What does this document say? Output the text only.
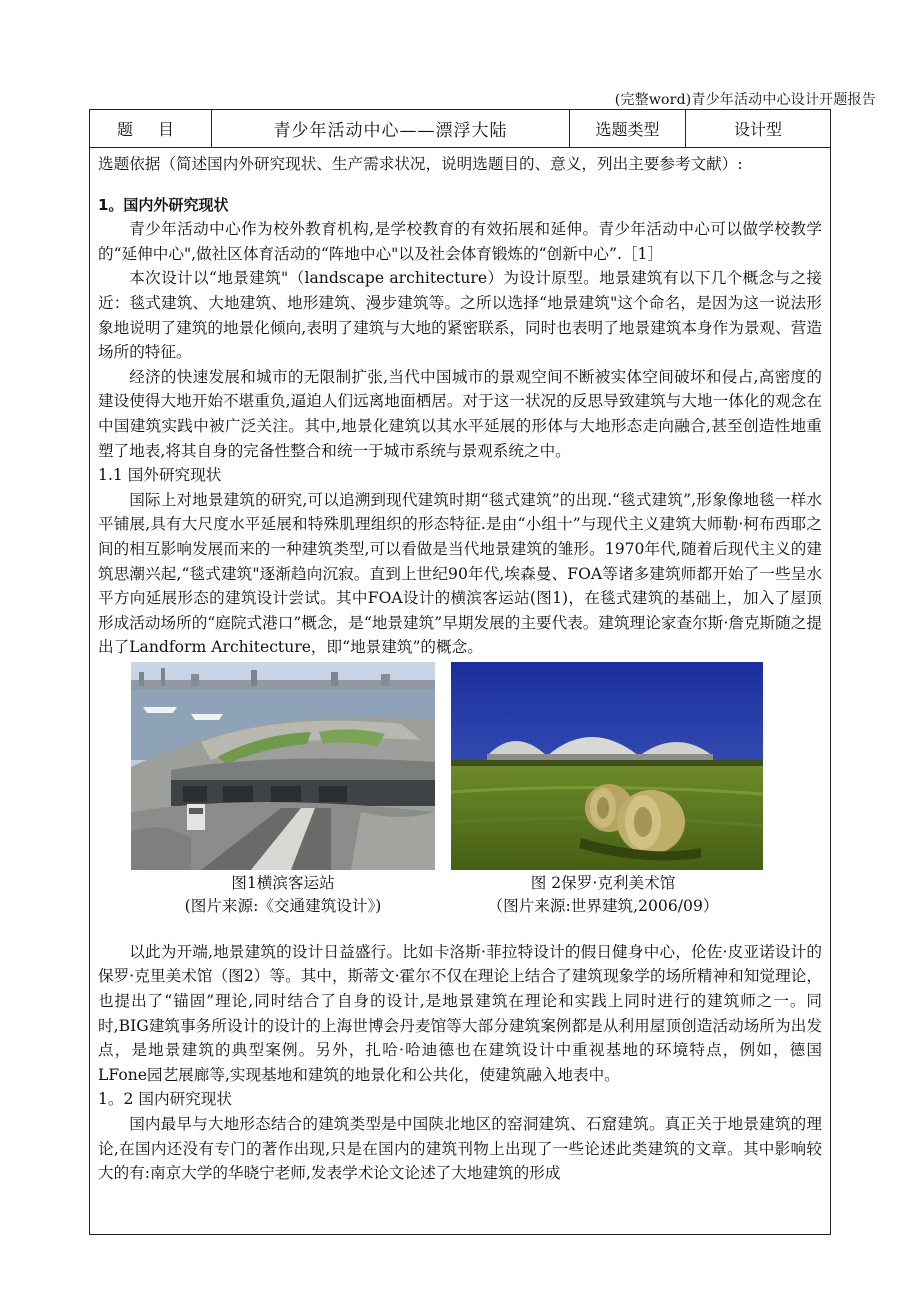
(完整word)青少年活动中心设计开题报告
题 目	青少年活动中心——漂浮大陆	选题类型	设计型

选题依据（简述国内外研究现状、生产需求状况，说明选题目的、意义，列出主要参考文献）:

1。国内外研究现状

青少年活动中心作为校外教育机构,是学校教育的有效拓展和延伸。青少年活动中心可以做学校教学的“延伸中心",做社区体育活动的“阵地中心"以及社会体育锻炼的“创新中心”.［1］

本次设计以“地景建筑"（landscape architecture）为设计原型。地景建筑有以下几个概念与之接近：毯式建筑、大地建筑、地形建筑、漫步建筑等。之所以选择“地景建筑"这个命名，是因为这一说法形象地说明了建筑的地景化倾向,表明了建筑与大地的紧密联系，同时也表明了地景建筑本身作为景观、营造场所的特征。

经济的快速发展和城市的无限制扩张,当代中国城市的景观空间不断被实体空间破坏和侵占,高密度的建设使得大地开始不堪重负,逼迫人们远离地面栖居。对于这一状况的反思导致建筑与大地一体化的观念在中国建筑实践中被广泛关注。其中,地景化建筑以其水平延展的形体与大地形态走向融合,甚至创造性地重塑了地表,将其自身的完备性整合和统一于城市系统与景观系统之中。

1.1 国外研究现状

国际上对地景建筑的研究,可以追溯到现代建筑时期“毯式建筑”的出现.“毯式建筑”,形象像地毯一样水平铺展,具有大尺度水平延展和特殊肌理组织的形态特征.是由“小组十”与现代主义建筑大师勒·柯布西耶之间的相互影响发展而来的一种建筑类型,可以看做是当代地景建筑的雏形。1970年代,随着后现代主义的建筑思潮兴起,“毯式建筑"逐渐趋向沉寂。直到上世纪90年代,埃森曼、FOA等诸多建筑师都开始了一些呈水平方向延展形态的建筑设计尝试。其中FOA设计的横滨客运站(图1)，在毯式建筑的基础上，加入了屋顶形成活动场所的“庭院式港口”概念，是“地景建筑”早期发展的主要代表。建筑理论家查尔斯·詹克斯随之提出了Landform Architecture，即“地景建筑”的概念。

图1横滨客运站
(图片来源:《交通建筑设计》)
图 2保罗·克利美术馆
（图片来源:世界建筑,2006/09）

以此为开端,地景建筑的设计日益盛行。比如卡洛斯·菲拉特设计的假日健身中心，伦佐·皮亚诺设计的保罗·克里美术馆（图2）等。其中，斯蒂文·霍尔不仅在理论上结合了建筑现象学的场所精神和知觉理论，也提出了“锚固”理论,同时结合了自身的设计,是地景建筑在理论和实践上同时进行的建筑师之一。同时,BIG建筑事务所设计的设计的上海世博会丹麦馆等大部分建筑案例都是从利用屋顶创造活动场所为出发点，是地景建筑的典型案例。另外，扎哈·哈迪德也在建筑设计中重视基地的环境特点，例如，德国LFone园艺展廊等,实现基地和建筑的地景化和公共化，使建筑融入地表中。

1。2 国内研究现状

国内最早与大地形态结合的建筑类型是中国陕北地区的窑洞建筑、石窟建筑。真正关于地景建筑的理论,在国内还没有专门的著作出现,只是在国内的建筑刊物上出现了一些论述此类建筑的文章。其中影响较大的有:南京大学的华晓宁老师,发表学术论文论述了大地建筑的形成
